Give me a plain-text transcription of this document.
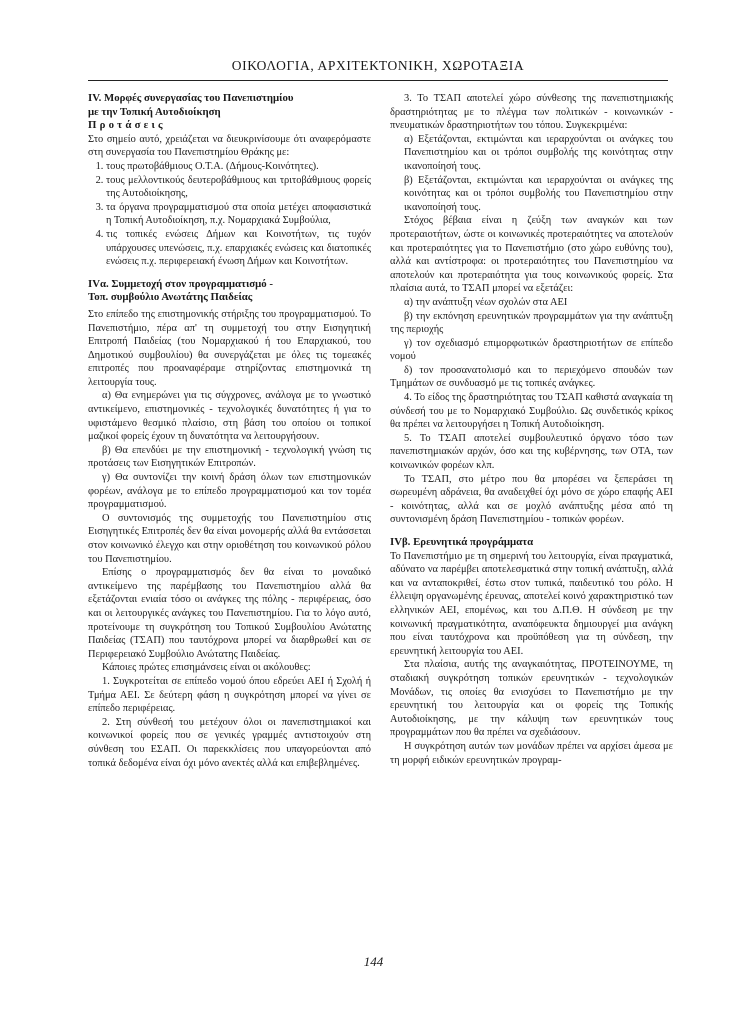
ΟΙΚΟΛΟΓΙΑ, ΑΡΧΙΤΕΚΤΟΝΙΚΗ, ΧΩΡΟΤΑΞΙΑ

IV. Μορφές συνεργασίας του Πανεπιστημίου

με την Τοπική Αυτοδιοίκηση

Προτάσεις

Στο σημείο αυτό, χρειάζεται να διευκρινίσουμε ότι αναφερόμαστε στη συνεργασία του Πανεπιστημίου Θράκης με:

1. τους πρωτοβάθμιους Ο.Τ.Α. (Δήμους-Κοινότητες).
2. τους μελλοντικούς δευτεροβάθμιους και τριτοβάθμιους φορείς της Αυτοδιοίκησης,
3. τα όργανα προγραμματισμού στα οποία μετέχει αποφασιστικά η Τοπική Αυτοδιοίκηση, π.χ. Νομαρχιακά Συμβούλια,
4. τις τοπικές ενώσεις Δήμων και Κοινοτήτων, τις τυχόν υπάρχουσες υπενώσεις, π.χ. επαρχιακές ενώσεις και διατοπικές ενώσεις π.χ. περιφερειακή ένωση Δήμων και Κοινοτήτων.

IVα. Συμμετοχή στον προγραμματισμό -

Τοπ. συμβούλιο Ανωτάτης Παιδείας

Στο επίπεδο της επιστημονικής στήριξης του προγραμματισμού. Το Πανεπιστήμιο, πέρα απ' τη συμμετοχή του στην Εισηγητική Επιτροπή Παιδείας (του Νομαρχιακού ή του Επαρχιακού, του Δημοτικού συμβουλίου) θα συνεργάζεται με όλες τις τομεακές επιτροπές που προαναφέραμε στηρίζοντας επιστημονικά τη λειτουργία τους.

α) Θα ενημερώνει για τις σύγχρονες, ανάλογα με το γνωστικό αντικείμενο, επιστημονικές - τεχνολογικές δυνατότητες ή για το υφιστάμενο θεσμικό πλαίσιο, στη βάση του οποίου οι τοπικοί μαζικοί φορείς έχουν τη δυνατότητα να λειτουργήσουν.

β) Θα επενδύει με την επιστημονική - τεχνολογική γνώση τις προτάσεις των Εισηγητικών Επιτροπών.

γ) Θα συντονίζει την κοινή δράση όλων των επιστημονικών φορέων, ανάλογα με το επίπεδο προγραμματισμού και τον τομέα προγραμματισμού.

Ο συντονισμός της συμμετοχής του Πανεπιστημίου στις Εισηγητικές Επιτροπές δεν θα είναι μονομερής αλλά θα εντάσσεται στον κοινωνικό έλεγχο και στην οριοθέτηση του κοινωνικού ρόλου του Πανεπιστημίου.

Επίσης ο προγραμματισμός δεν θα είναι το μοναδικό αντικείμενο της παρέμβασης του Πανεπιστημίου αλλά θα εξετάζονται ενιαία τόσο οι ανάγκες της πόλης - περιφέρειας, όσο και οι λειτουργικές ανάγκες του Πανεπιστημίου. Για το λόγο αυτό, προτείνουμε τη συγκρότηση του Τοπικού Συμβουλίου Ανώτατης Παιδείας (ΤΣΑΠ) που ταυτόχρονα μπορεί να διαρθρωθεί και σε Περιφερειακό Συμβούλιο Ανώτατης Παιδείας.

Κάποιες πρώτες επισημάνσεις είναι οι ακόλουθες:

1. Συγκροτείται σε επίπεδο νομού όπου εδρεύει ΑΕΙ ή Σχολή ή Τμήμα ΑΕΙ. Σε δεύτερη φάση η συγκρότηση μπορεί να γίνει σε επίπεδο περιφέρειας.

2. Στη σύνθεσή του μετέχουν όλοι οι πανεπιστημιακοί και κοινωνικοί φορείς που σε γενικές γραμμές αντιστοιχούν στη σύνθεση του ΕΣΑΠ. Οι παρεκκλίσεις που υπαγορεύονται από τοπικά δεδομένα είναι όχι μόνο ανεκτές αλλά και επιβεβλημένες.

3. Το ΤΣΑΠ αποτελεί χώρο σύνθεσης της πανεπιστημιακής δραστηριότητας με το πλέγμα των πολιτικών - κοινωνικών - πνευματικών δραστηριοτήτων του τόπου. Συγκεκριμένα:

α) Εξετάζονται, εκτιμώνται και ιεραρχούνται οι ανάγκες του Πανεπιστημίου και οι τρόποι συμβολής της κοινότητας στην ικανοποίησή τους.

β) Εξετάζονται, εκτιμώνται και ιεραρχούνται οι ανάγκες της κοινότητας και οι τρόποι συμβολής του Πανεπιστημίου στην ικανοποίησή τους.

Στόχος βέβαια είναι η ζεύξη των αναγκών και των προτεραιοτήτων, ώστε οι κοινωνικές προτεραιότητες να αποτελούν και προτεραιότητες για το Πανεπιστήμιο (στο χώρο ευθύνης του), αλλά και αντίστροφα: οι προτεραιότητες του Πανεπιστημίου να αποτελούν και προτεραιότητα για τους κοινωνικούς φορείς. Στα πλαίσια αυτά, το ΤΣΑΠ μπορεί να εξετάζει:

α) την ανάπτυξη νέων σχολών στα ΑΕΙ

β) την εκπόνηση ερευνητικών προγραμμάτων για την ανάπτυξη της περιοχής

γ) τον σχεδιασμό επιμορφωτικών δραστηριοτήτων σε επίπεδο νομού

δ) τον προσανατολισμό και το περιεχόμενο σπουδών των Τμημάτων σε συνδυασμό με τις τοπικές ανάγκες.

4. Το είδος της δραστηριότητας του ΤΣΑΠ καθιστά αναγκαία τη σύνδεσή του με το Νομαρχιακό Συμβούλιο. Ως συνδετικός κρίκος θα πρέπει να λειτουργήσει η Τοπική Αυτοδιοίκηση.

5. Το ΤΣΑΠ αποτελεί συμβουλευτικό όργανο τόσο των πανεπιστημιακών αρχών, όσο και της κυβέρνησης, των ΟΤΑ, των κοινωνικών φορέων κλπ.

Το ΤΣΑΠ, στο μέτρο που θα μπορέσει να ξεπεράσει τη σωρευμένη αδράνεια, θα αναδειχθεί όχι μόνο σε χώρο επαφής ΑΕΙ - κοινότητας, αλλά και σε μοχλό ανάπτυξης μέσα από τη συντονισμένη δράση Πανεπιστημίου - τοπικών φορέων.

IVβ. Ερευνητικά προγράμματα

Το Πανεπιστήμιο με τη σημερινή του λειτουργία, είναι πραγματικά, αδύνατο να παρέμβει αποτελεσματικά στην τοπική ανάπτυξη, αλλά και να ανταποκριθεί, έστω στον τυπικά, παιδευτικό του ρόλο. Η έλλειψη οργανωμένης έρευνας, αποτελεί κοινό χαρακτηριστικό των ελληνικών ΑΕΙ, επομένως, και του Δ.Π.Θ. Η σύνδεση με την κοινωνική πραγματικότητα, αναπόφευκτα δημιουργεί μια ανάγκη που είναι ταυτόχρονα και προϋπόθεση για τη σύνδεση, την ερευνητική λειτουργία του ΑΕΙ.

Στα πλαίσια, αυτής της αναγκαιότητας, ΠΡΟΤΕΙΝΟΥΜΕ, τη σταδιακή συγκρότηση τοπικών ερευνητικών - τεχνολογικών Μονάδων, τις οποίες θα ενισχύσει το Πανεπιστήμιο με την ερευνητική του λειτουργία και οι φορείς της Τοπικής Αυτοδιοίκησης, με την κάλυψη των ερευνητικών τους προγραμμάτων που θα πρέπει να σχεδιάσουν.

Η συγκρότηση αυτών των μονάδων πρέπει να αρχίσει άμεσα με τη μορφή ειδικών ερευνητικών προγραμ-

144
